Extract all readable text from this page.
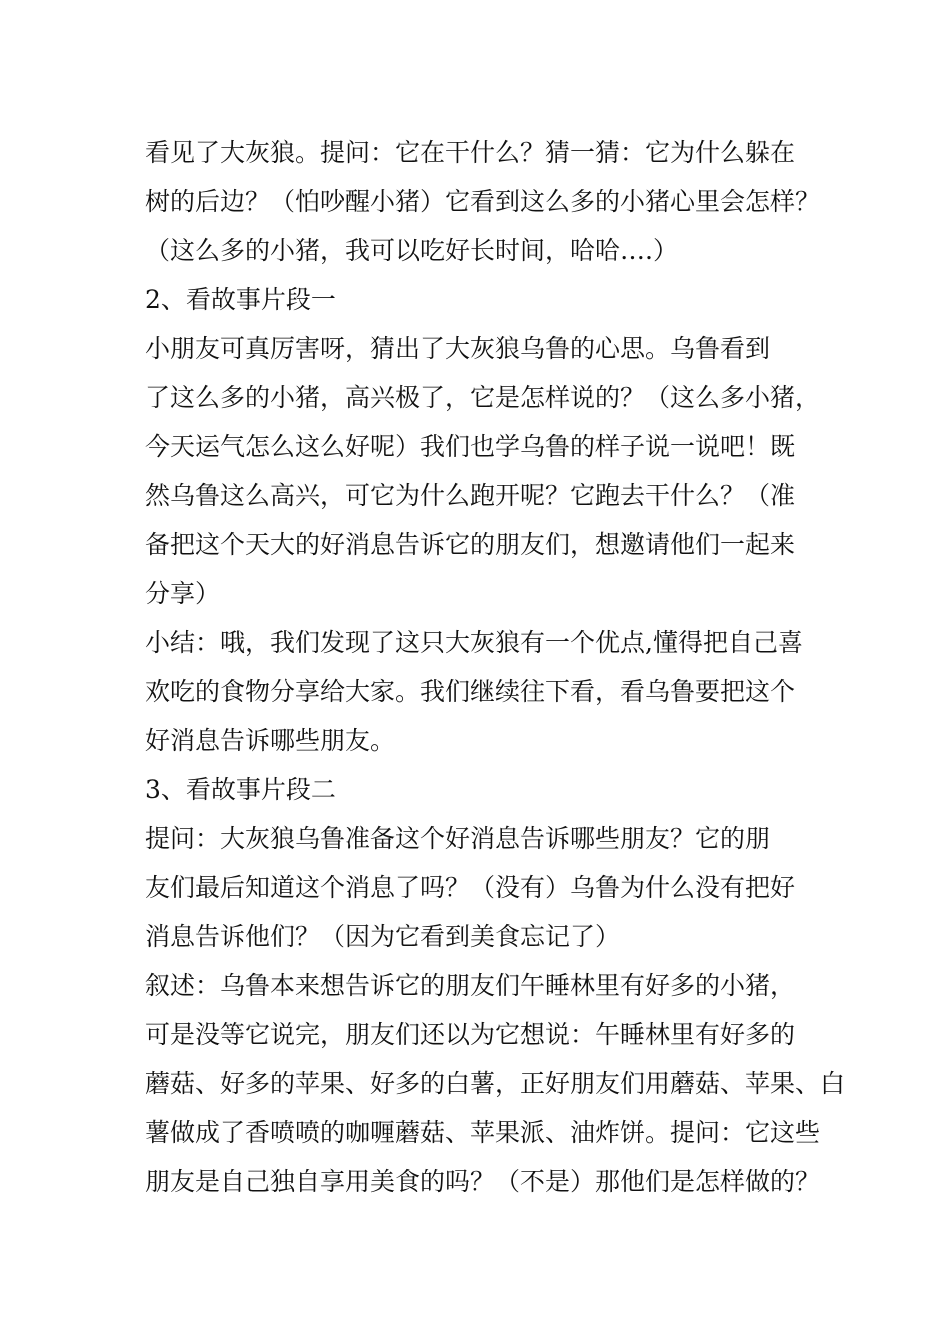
看见了大灰狼。提问：它在干什么？猜一猜：它为什么躲在
树的后边？（怕吵醒小猪）它看到这么多的小猪心里会怎样？
（这么多的小猪，我可以吃好长时间，哈哈….）
2、看故事片段一
小朋友可真厉害呀，猜出了大灰狼乌鲁的心思。乌鲁看到
了这么多的小猪，高兴极了，它是怎样说的？（这么多小猪，
今天运气怎么这么好呢）我们也学乌鲁的样子说一说吧！既
然乌鲁这么高兴，可它为什么跑开呢？它跑去干什么？（准
备把这个天大的好消息告诉它的朋友们，想邀请他们一起来
分享）
小结：哦，我们发现了这只大灰狼有一个优点,懂得把自己喜
欢吃的食物分享给大家。我们继续往下看，看乌鲁要把这个
好消息告诉哪些朋友。
3、看故事片段二
提问：大灰狼乌鲁准备这个好消息告诉哪些朋友？它的朋
友们最后知道这个消息了吗？（没有）乌鲁为什么没有把好
消息告诉他们？（因为它看到美食忘记了）
叙述：乌鲁本来想告诉它的朋友们午睡林里有好多的小猪，
可是没等它说完，朋友们还以为它想说：午睡林里有好多的
蘑菇、好多的苹果、好多的白薯，正好朋友们用蘑菇、苹果、白
薯做成了香喷喷的咖喱蘑菇、苹果派、油炸饼。提问：它这些
朋友是自己独自享用美食的吗？（不是）那他们是怎样做的？
